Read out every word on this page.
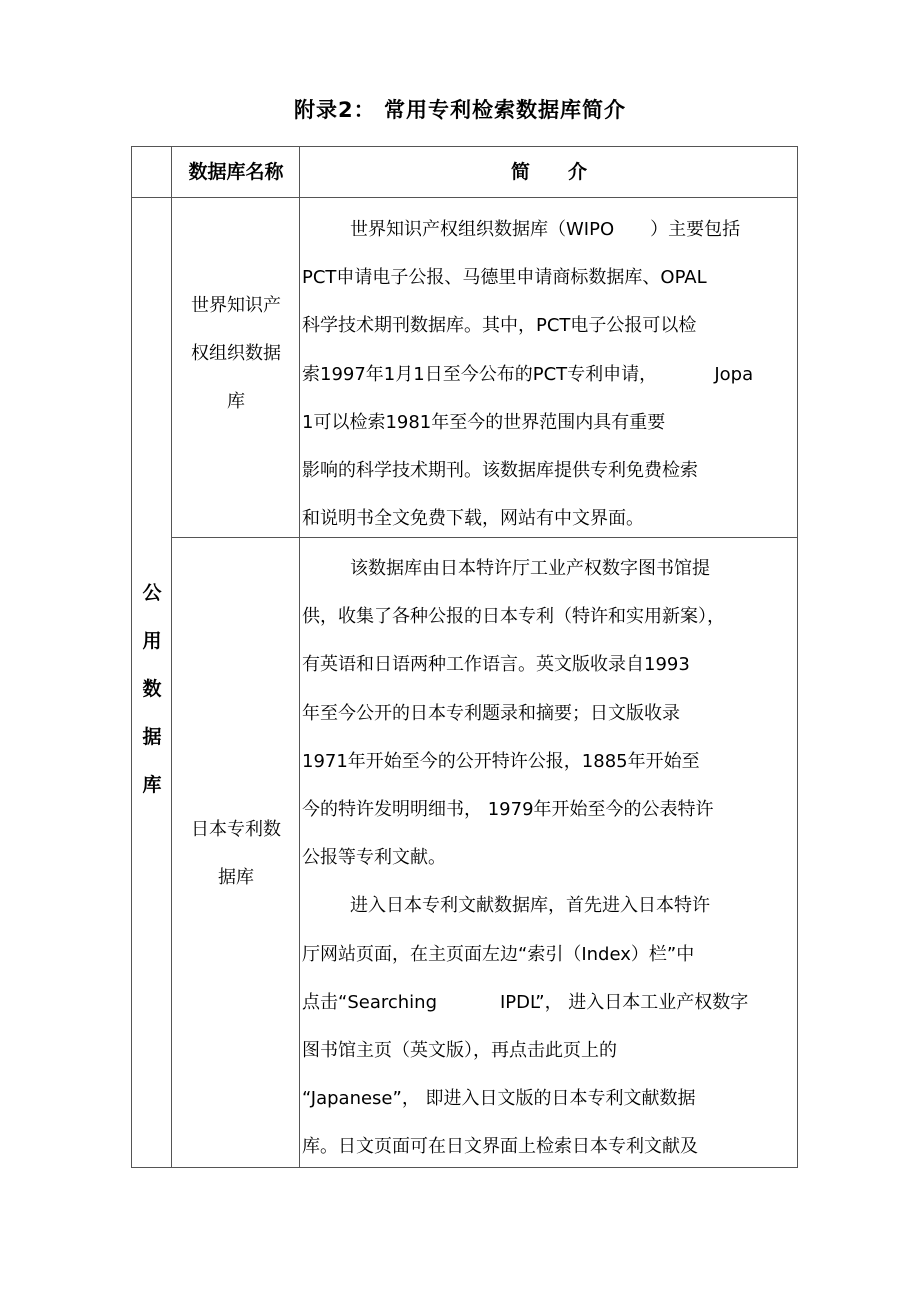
附录2： 常用专利检索数据库简介
数据库名称	简　　介
公
用
数
据
库
世界知识产
权组织数据
库
世界知识产权组织数据库（WIPO　　）主要包括
PCT申请电子公报、马德里申请商标数据库、OPAL
科学技术期刊数据库。其中，PCT电子公报可以检
索1997年1月1日至今公布的PCT专利申请，          Jopa
1可以检索1981年至今的世界范围内具有重要
影响的科学技术期刊。该数据库提供专利免费检索
和说明书全文免费下载，网站有中文界面。
日本专利数
据库
该数据库由日本特许厅工业产权数字图书馆提
供，收集了各种公报的日本专利（特许和实用新案），
有英语和日语两种工作语言。英文版收录自1993
年至今公开的日本专利题录和摘要；日文版收录
1971年开始至今的公开特许公报，1885年开始至
今的特许发明明细书， 1979年开始至今的公表特许
公报等专利文献。
进入日本专利文献数据库，首先进入日本特许
厅网站页面，在主页面左边“索引（Index）栏”中
点击“Searching           IPDL”， 进入日本工业产权数字
图书馆主页（英文版），再点击此页上的
“Japanese”， 即进入日文版的日本专利文献数据
库。日文页面可在日文界面上检索日本专利文献及
